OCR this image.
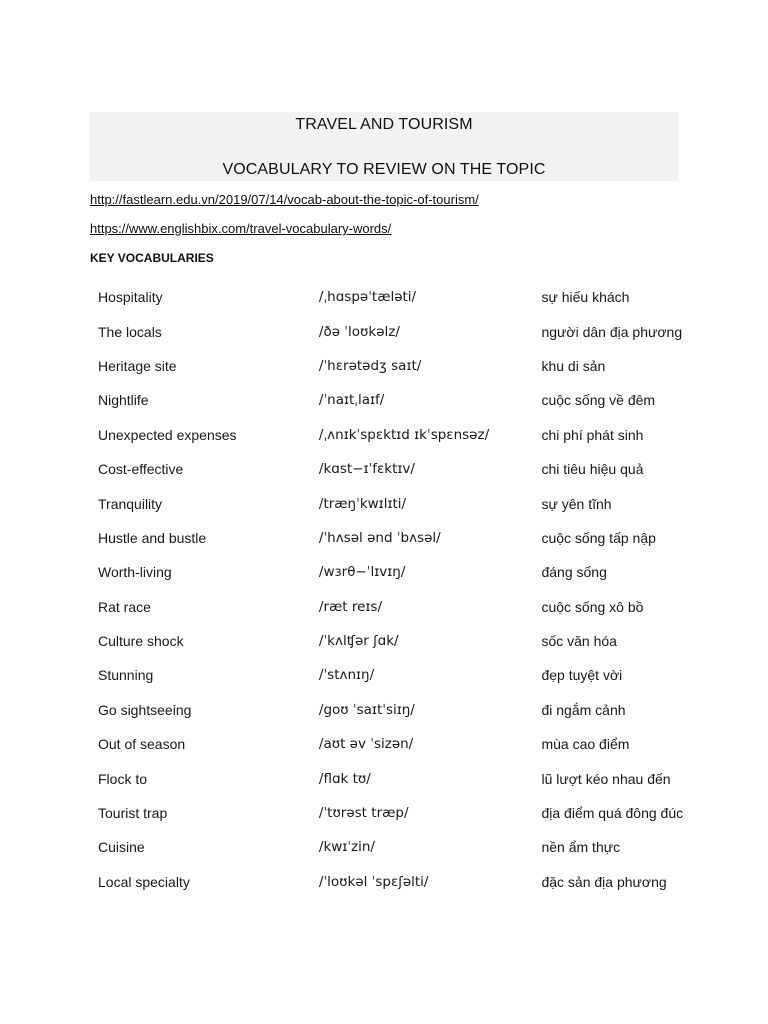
TRAVEL AND TOURISM
VOCABULARY TO REVIEW ON THE TOPIC
http://fastlearn.edu.vn/2019/07/14/vocab-about-the-topic-of-tourism/
https://www.englishbix.com/travel-vocabulary-words/
KEY VOCABULARIES
Hospitality	/ˌhɑspəˈtæləti/	sự hiếu khách
The locals	/ðə ˈloʊkəlz/	người dân địa phương
Heritage site	/ˈhɛrətədʒ saɪt/	khu di sản
Nightlife	/ˈnaɪtˌlaɪf/	cuộc sống về đêm
Unexpected expenses	/ˌʌnɪkˈspɛktɪd ɪkˈspɛnsəz/	chi phí phát sinh
Cost-effective	/kɑst−ɪˈfɛktɪv/	chi tiêu hiệu quả
Tranquility	/træŋˈkwɪlɪti/	sự yên tĩnh
Hustle and bustle	/ˈhʌsəl ənd ˈbʌsəl/	cuộc sống tấp nập
Worth-living	/wɜrθ−ˈlɪvɪŋ/	đáng sống
Rat race	/ræt reɪs/	cuộc sống xô bồ
Culture shock	/ˈkʌlʧər ʃɑk/	sốc văn hóa
Stunning	/ˈstʌnɪŋ/	đẹp tuyệt vời
Go sightseeing	/goʊ ˈsaɪtˈsiɪŋ/	đi ngắm cảnh
Out of season	/aʊt əv ˈsizən/	mùa cao điểm
Flock to	/flɑk tʊ/	lũ lượt kéo nhau đến
Tourist trap	/ˈtʊrəst træp/	địa điểm quá đông đúc
Cuisine	/kwɪˈzin/	nền ẩm thực
Local specialty	/ˈloʊkəl ˈspɛʃəlti/	đặc sản địa phương
